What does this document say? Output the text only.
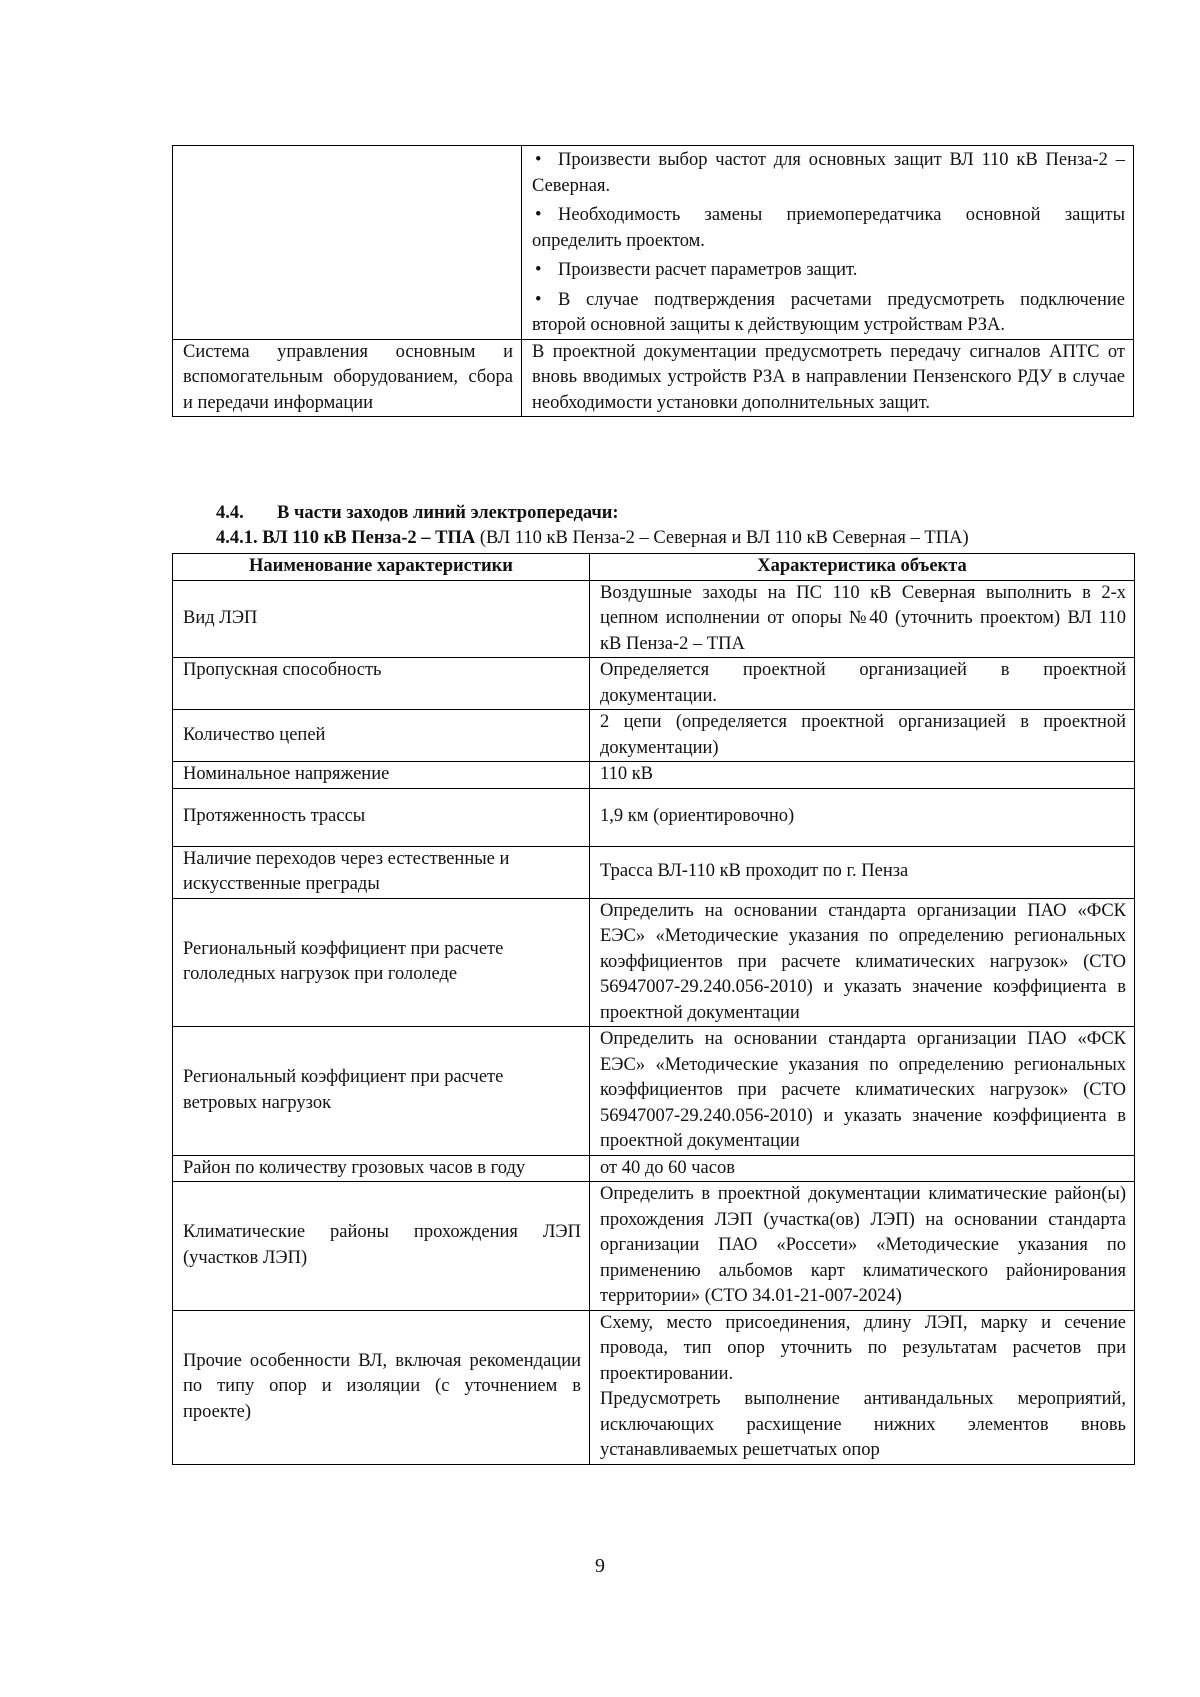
	• Произвести выбор частот для основных защит ВЛ 110 кВ Пенза-2 – Северная.
• Необходимость замены приемопередатчика основной защиты определить проектом.
• Произвести расчет параметров защит.
• В случае подтверждения расчетами предусмотреть подключение второй основной защиты к действующим устройствам РЗА.

Система управления основным и вспомогательным оборудованием, сбора и передачи информации	В проектной документации предусмотреть передачу сигналов АПТС от вновь вводимых устройств РЗА в направлении Пензенского РДУ в случае необходимости установки дополнительных защит.
4.4. В части заходов линий электропередачи:
4.4.1. ВЛ 110 кВ Пенза-2 – ТПА (ВЛ 110 кВ Пенза-2 – Северная и ВЛ 110 кВ Северная – ТПА)
Наименование характеристики	Характеристика объекта
Вид ЛЭП	Воздушные заходы на ПС 110 кВ Северная выполнить в 2-х цепном исполнении от опоры №40 (уточнить проектом) ВЛ 110 кВ Пенза-2 – ТПА
Пропускная способность	Определяется проектной организацией в проектной документации.
Количество цепей	2 цепи (определяется проектной организацией в проектной документации)
Номинальное напряжение	110 кВ
Протяженность трассы	1,9 км (ориентировочно)
Наличие переходов через естественные и искусственные преграды	Трасса ВЛ-110 кВ проходит по г. Пенза
Региональный коэффициент при расчете гололедных нагрузок при гололеде	Определить на основании стандарта организации ПАО «ФСК ЕЭС» «Методические указания по определению региональных коэффициентов при расчете климатических нагрузок» (СТО 56947007-29.240.056-2010) и указать значение коэффициента в проектной документации
Региональный коэффициент при расчете ветровых нагрузок	Определить на основании стандарта организации ПАО «ФСК ЕЭС» «Методические указания по определению региональных коэффициентов при расчете климатических нагрузок» (СТО 56947007-29.240.056-2010) и указать значение коэффициента в проектной документации
Район по количеству грозовых часов в году	от 40 до 60 часов
Климатические районы прохождения ЛЭП (участков ЛЭП)	Определить в проектной документации климатические район(ы) прохождения ЛЭП (участка(ов) ЛЭП) на основании стандарта организации ПАО «Россети» «Методические указания по применению альбомов карт климатического районирования территории» (СТО 34.01-21-007-2024)
Прочие особенности ВЛ, включая рекомендации по типу опор и изоляции (с уточнением в проекте)	Схему, место присоединения, длину ЛЭП, марку и сечение провода, тип опор уточнить по результатам расчетов при проектировании.
Предусмотреть выполнение антивандальных мероприятий, исключающих расхищение нижних элементов вновь устанавливаемых решетчатых опор
9
